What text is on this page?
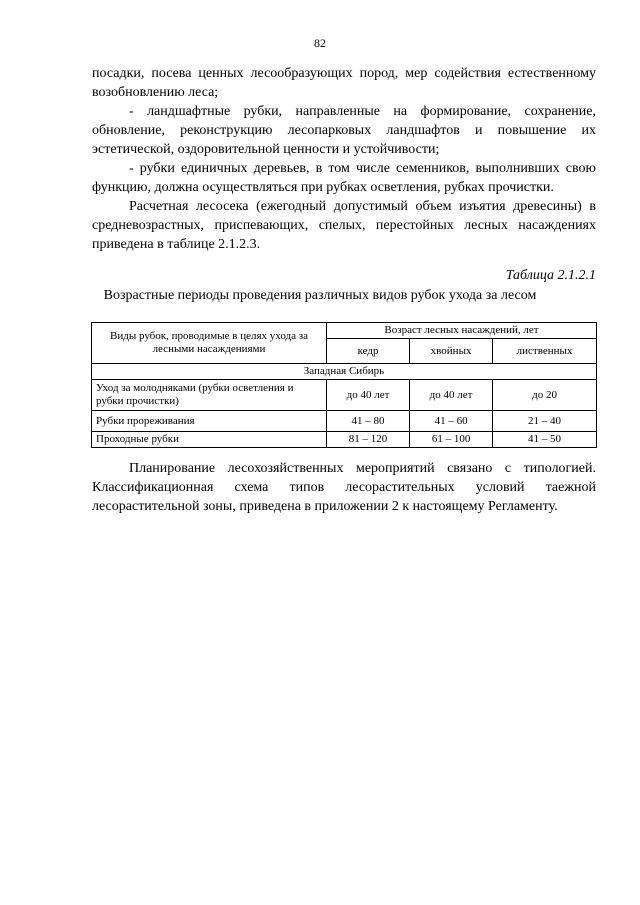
82

посадки, посева ценных лесообразующих пород, мер содействия естественному возобновлению леса;

- ландшафтные рубки, направленные на формирование, сохранение, обновление, реконструкцию лесопарковых ландшафтов и повышение их эстетической, оздоровительной ценности и устойчивости;

- рубки единичных деревьев, в том числе семенников, выполнивших свою функцию, должна осуществляться при рубках осветления, рубках прочистки.

Расчетная лесосека (ежегодный допустимый объем изъятия древесины) в средневозрастных, приспевающих, спелых, перестойных лесных насаждениях приведена в таблице 2.1.2.3.

Таблица 2.1.2.1
Возрастные периоды проведения различных видов рубок ухода за лесом
Виды рубок, проводимые в целях ухода за лесными насаждениями	Возраст лесных насаждений, лет		
	кедр	хвойных	лиственных
Западная Сибирь			
Уход за молодняками (рубки осветления и рубки прочистки)	до 40 лет	до 40 лет	до 20
Рубки прореживания	41 – 80	41 – 60	21 – 40
Проходные рубки	81 – 120	61 – 100	41 – 50

Планирование лесохозяйственных мероприятий связано с типологией. Классификационная схема типов лесорастительных условий таежной лесорастительной зоны, приведена в приложении 2 к настоящему Регламенту.
